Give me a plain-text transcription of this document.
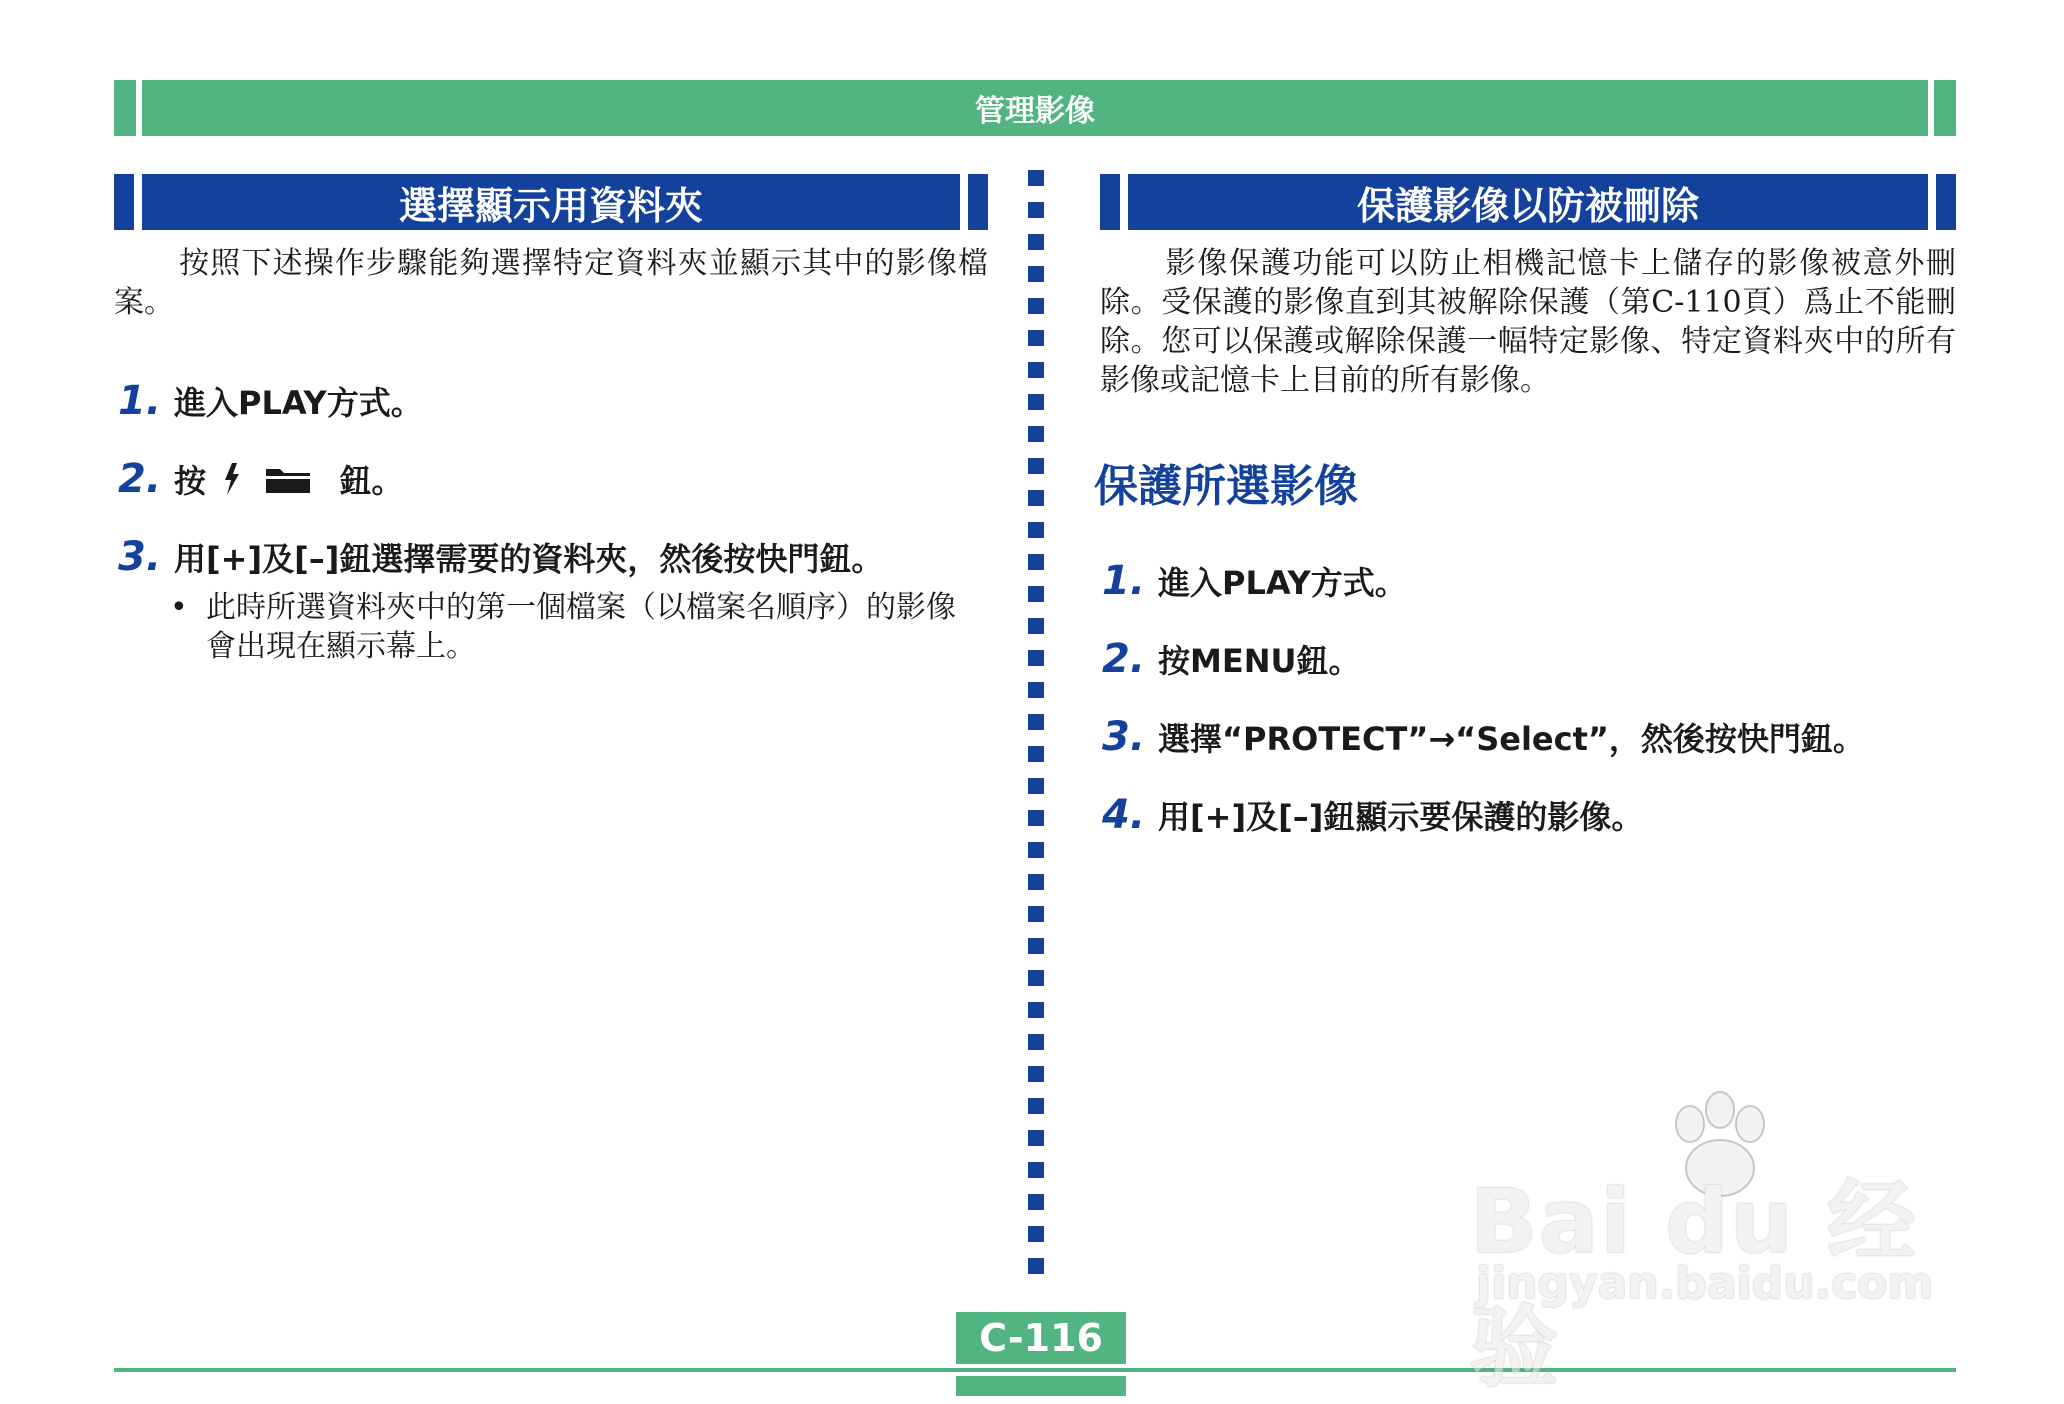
管理影像
選擇顯示用資料夾
按照下述操作步驟能夠選擇特定資料夾並顯示其中的影像檔案。
1. 進入PLAY方式。
2. 按	鈕。
3. 用[+]及[–]鈕選擇需要的資料夾，然後按快門鈕。
• 此時所選資料夾中的第一個檔案（以檔案名順序）的影像會出現在顯示幕上。
保護影像以防被刪除
影像保護功能可以防止相機記憶卡上儲存的影像被意外刪除。受保護的影像直到其被解除保護（第C-110頁）爲止不能刪除。您可以保護或解除保護一幅特定影像、特定資料夾中的所有影像或記憶卡上目前的所有影像。
保護所選影像
1. 進入PLAY方式。
2. 按MENU鈕。
3. 選擇“PROTECT”→“Select”，然後按快門鈕。
4. 用[+]及[–]鈕顯示要保護的影像。
C-116
Bai du 经验
jingyan.baidu.com
